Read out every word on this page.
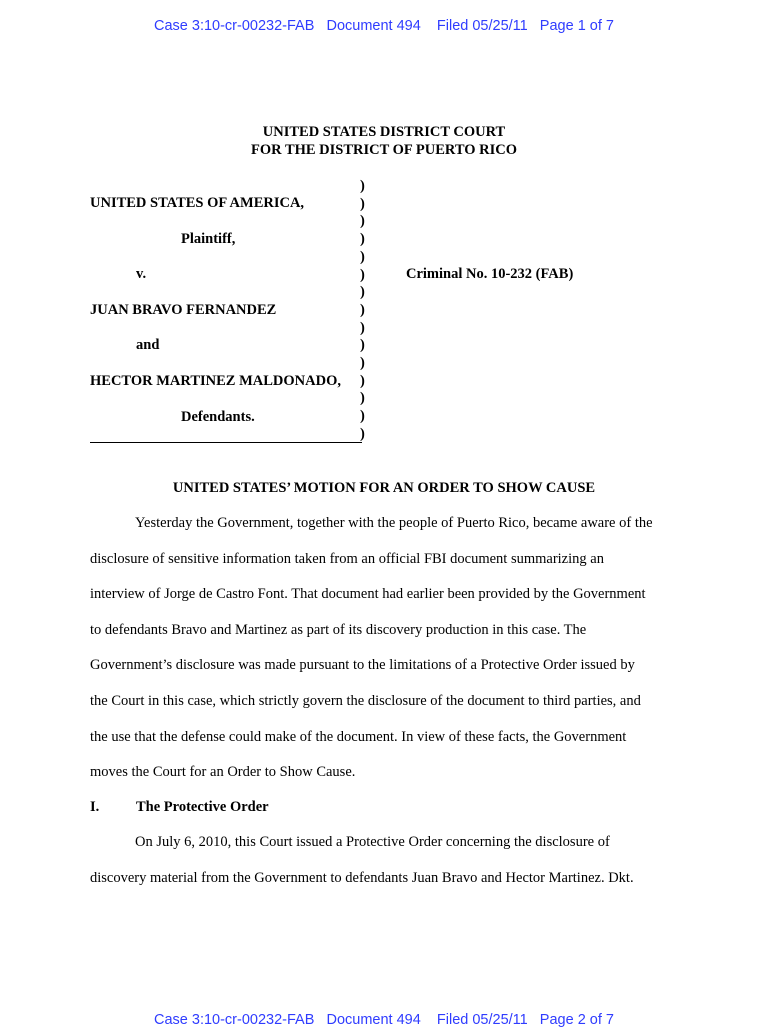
Case 3:10-cr-00232-FAB   Document 494    Filed 05/25/11   Page 1 of 7
UNITED STATES DISTRICT COURT
FOR THE DISTRICT OF PUERTO RICO
UNITED STATES OF AMERICA,
Plaintiff,
v.
JUAN BRAVO FERNANDEZ
and
HECTOR MARTINEZ MALDONADO,
Defendants.
)
)
)
)
)
)
)
)
)
)
)
)
)
)
)
Criminal No. 10-232 (FAB)
UNITED STATES’ MOTION FOR AN ORDER TO SHOW CAUSE
Yesterday the Government, together with the people of Puerto Rico, became aware of the
disclosure of sensitive information taken from an official FBI document summarizing an
interview of Jorge de Castro Font. That document had earlier been provided by the Government
to defendants Bravo and Martinez as part of its discovery production in this case. The
Government’s disclosure was made pursuant to the limitations of a Protective Order issued by
the Court in this case, which strictly govern the disclosure of the document to third parties, and
the use that the defense could make of the document. In view of these facts, the Government
moves the Court for an Order to Show Cause.
I.	The Protective Order
On July 6, 2010, this Court issued a Protective Order concerning the disclosure of
discovery material from the Government to defendants Juan Bravo and Hector Martinez. Dkt.
Case 3:10-cr-00232-FAB   Document 494    Filed 05/25/11   Page 2 of 7
